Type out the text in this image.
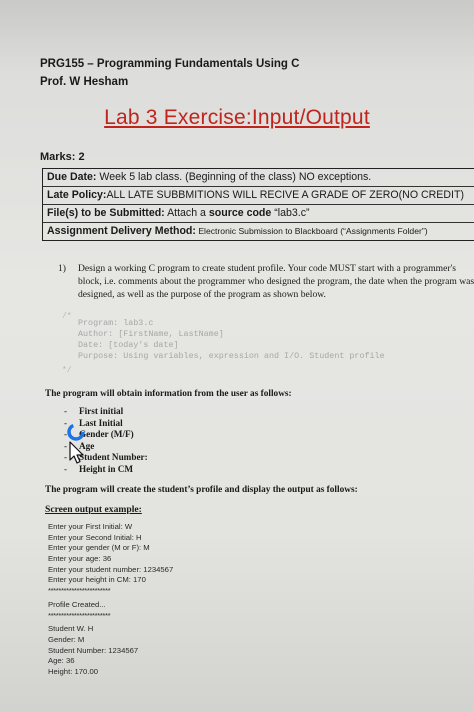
PRG155 – Programming Fundamentals Using C
Prof. W Hesham
Lab 3 Exercise:Input/Output
Marks: 2
Due Date: Week 5 lab class. (Beginning of the class) NO exceptions.
Late Policy:ALL LATE SUBBMITIONS WILL RECIVE A GRADE OF ZERO(NO CREDIT)
File(s) to be Submitted: Attach a source code “lab3.c”
Assignment Delivery Method: Electronic Submission to Blackboard (“Assignments Folder”)
1) Design a working C program to create student profile. Your code MUST start with a programmer's block, i.e. comments about the programmer who designed the program, the date when the program was designed, as well as the purpose of the program as shown below.
/*
Program: lab3.c
Author: [FirstName, LastName]
Date: [today's date]
Purpose: Using variables, expression and I/O. Student profile
*/
The program will obtain information from the user as follows:
- First initial
- Last Initial
- Gender (M/F)
- Age
- Student Number:
- Height in CM
The program will create the student’s profile and display the output as follows:
Screen output example:
Enter your First Initial: W
Enter your Second Initial: H
Enter your gender (M or F): M
Enter your age: 36
Enter your student number: 1234567
Enter your height in CM: 170
************************
Profile Created...
************************
Student W. H
Gender: M
Student Number: 1234567
Age: 36
Height: 170.00
